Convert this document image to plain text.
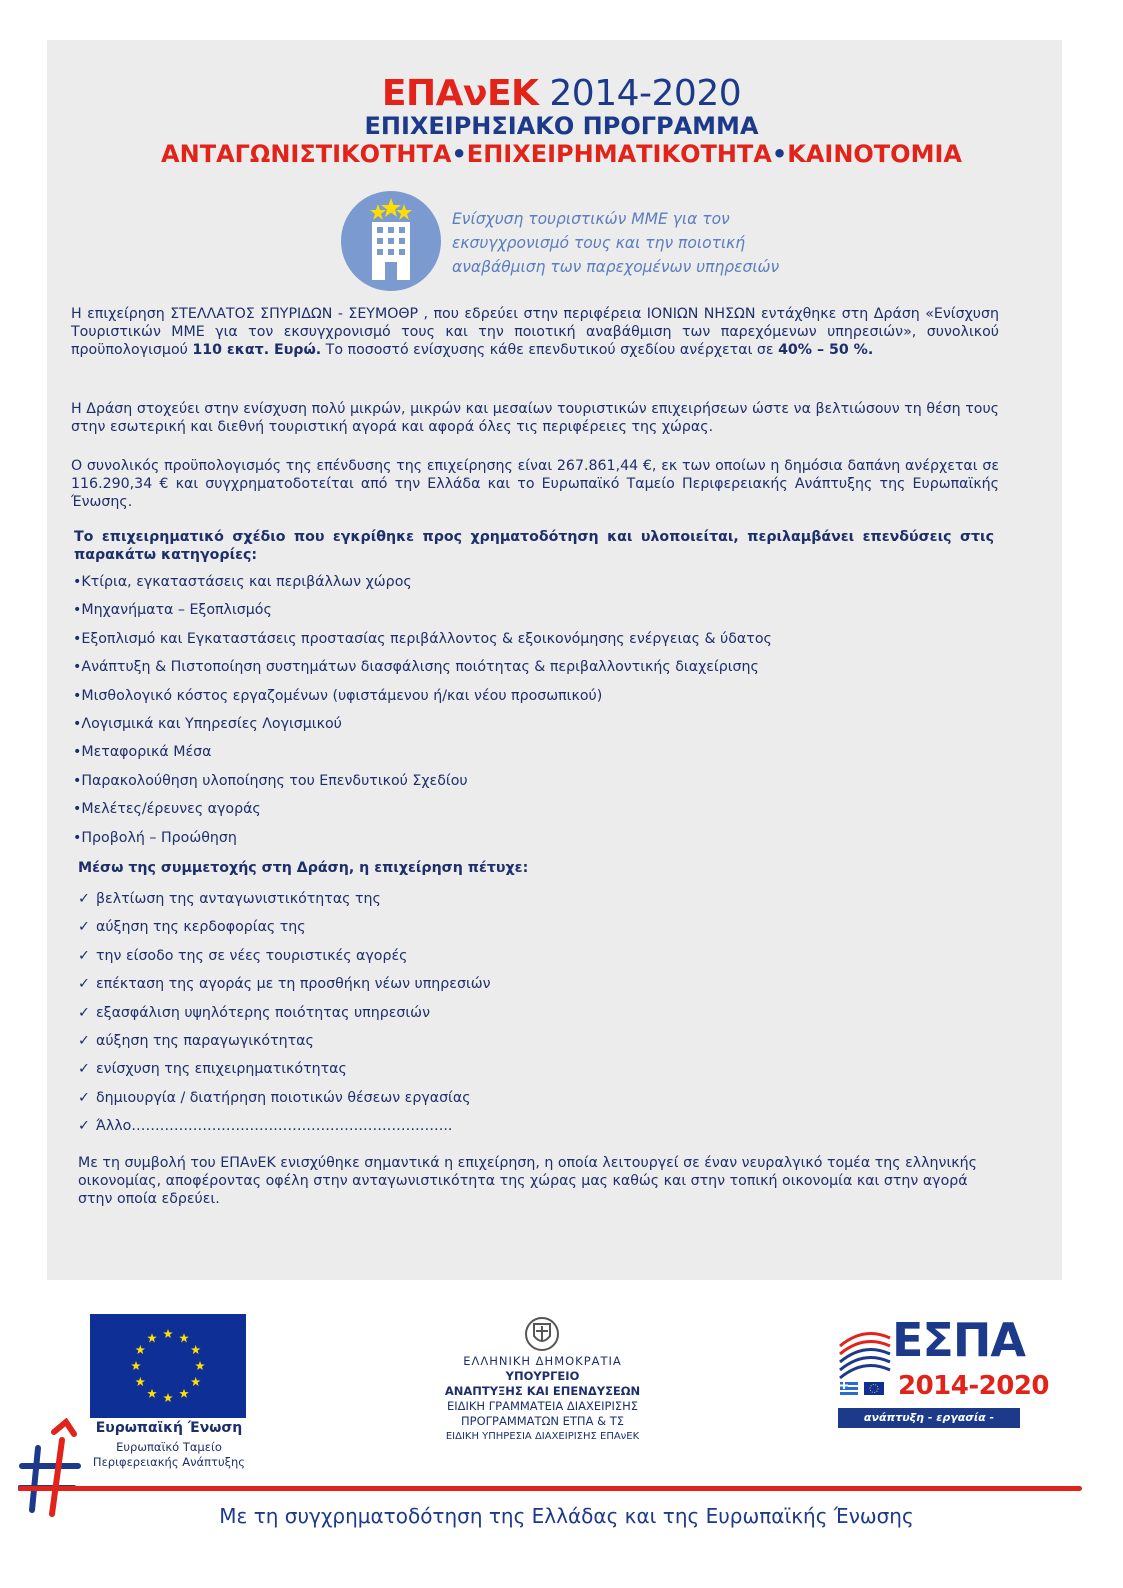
ΕΠΑνΕΚ 2014-2020
ΕΠΙΧΕΙΡΗΣΙΑΚΟ ΠΡΟΓΡΑΜΜΑ
ΑΝΤΑΓΩΝΙΣΤΙΚΟΤΗΤΑ•ΕΠΙΧΕΙΡΗΜΑΤΙΚΟΤΗΤΑ•ΚΑΙΝΟΤΟΜΙΑ
Ενίσχυση τουριστικών ΜΜΕ για τον
εκσυγχρονισμό τους και την ποιοτική
αναβάθμιση των παρεχομένων υπηρεσιών
Η επιχείρηση ΣΤΕΛΛΑΤΟΣ ΣΠΥΡΙΔΩΝ - ΣΕΥΜΟΘΡ , που εδρεύει στην περιφέρεια ΙΟΝΙΩΝ ΝΗΣΩΝ εντάχθηκε στη Δράση «Ενίσχυση Τουριστικών ΜΜΕ για τον εκσυγχρονισμό τους και την ποιοτική αναβάθμιση των παρεχόμενων υπηρεσιών», συνολικού προϋπολογισμού 110 εκατ. Ευρώ. Το ποσοστό ενίσχυσης κάθε επενδυτικού σχεδίου ανέρχεται σε 40% – 50 %.
Η Δράση στοχεύει στην ενίσχυση πολύ μικρών, μικρών και μεσαίων τουριστικών επιχειρήσεων ώστε να βελτιώσουν τη θέση τους στην εσωτερική και διεθνή τουριστική αγορά και αφορά όλες τις περιφέρειες της χώρας.
Ο συνολικός προϋπολογισμός της επένδυσης της επιχείρησης είναι 267.861,44 €, εκ των οποίων η δημόσια δαπάνη ανέρχεται σε 116.290,34 € και συγχρηματοδοτείται από την Ελλάδα και το Ευρωπαϊκό Ταμείο Περιφερειακής Ανάπτυξης της Ευρωπαϊκής Ένωσης.
Το επιχειρηματικό σχέδιο που εγκρίθηκε προς χρηματοδότηση και υλοποιείται, περιλαμβάνει επενδύσεις στις παρακάτω κατηγορίες:
•Κτίρια, εγκαταστάσεις και περιβάλλων χώρος
•Μηχανήματα – Εξοπλισμός
•Εξοπλισμό και Εγκαταστάσεις προστασίας περιβάλλοντος & εξοικονόμησης ενέργειας & ύδατος
•Ανάπτυξη & Πιστοποίηση συστημάτων διασφάλισης ποιότητας & περιβαλλοντικής διαχείρισης
•Μισθολογικό κόστος εργαζομένων (υφιστάμενου ή/και νέου προσωπικού)
•Λογισμικά και Υπηρεσίες Λογισμικού
•Μεταφορικά Μέσα
•Παρακολούθηση υλοποίησης του Επενδυτικού Σχεδίου
•Μελέτες/έρευνες αγοράς
•Προβολή – Προώθηση
Μέσω της συμμετοχής στη Δράση, η επιχείρηση πέτυχε:
✓ βελτίωση της ανταγωνιστικότητας της
✓ αύξηση της κερδοφορίας της
✓ την είσοδο της σε νέες τουριστικές αγορές
✓ επέκταση της αγοράς με τη προσθήκη νέων υπηρεσιών
✓ εξασφάλιση υψηλότερης ποιότητας υπηρεσιών
✓ αύξηση της παραγωγικότητας
✓ ενίσχυση της επιχειρηματικότητας
✓ δημιουργία / διατήρηση ποιοτικών θέσεων εργασίας
✓ Άλλο…………………………………………………………..
Με τη συμβολή του ΕΠΑνΕΚ ενισχύθηκε σημαντικά η επιχείρηση, η οποία λειτουργεί σε έναν νευραλγικό τομέα της ελληνικής οικονομίας, αποφέροντας οφέλη στην ανταγωνιστικότητα της χώρας μας καθώς και στην τοπική οικονομία και στην αγορά στην οποία εδρεύει.
Ευρωπαϊκή Ένωση
Ευρωπαϊκό Ταμείο
Περιφερειακής Ανάπτυξης
ΕΛΛΗΝΙΚΗ ΔΗΜΟΚΡΑΤΙΑ
ΥΠΟΥΡΓΕΙΟ
ΑΝΑΠΤΥΞΗΣ ΚΑΙ ΕΠΕΝΔΥΣΕΩΝ
ΕΙΔΙΚΗ ΓΡΑΜΜΑΤΕΙΑ ΔΙΑΧΕΙΡΙΣΗΣ
ΠΡΟΓΡΑΜΜΑΤΩΝ ΕΤΠΑ & ΤΣ
ΕΙΔΙΚΗ ΥΠΗΡΕΣΙΑ ΔΙΑΧΕΙΡΙΣΗΣ ΕΠΑνΕΚ
ΕΣΠΑ
2014-2020
ανάπτυξη - εργασία - αλληλεγγύη
Με τη συγχρηματοδότηση της Ελλάδας και της Ευρωπαϊκής Ένωσης
